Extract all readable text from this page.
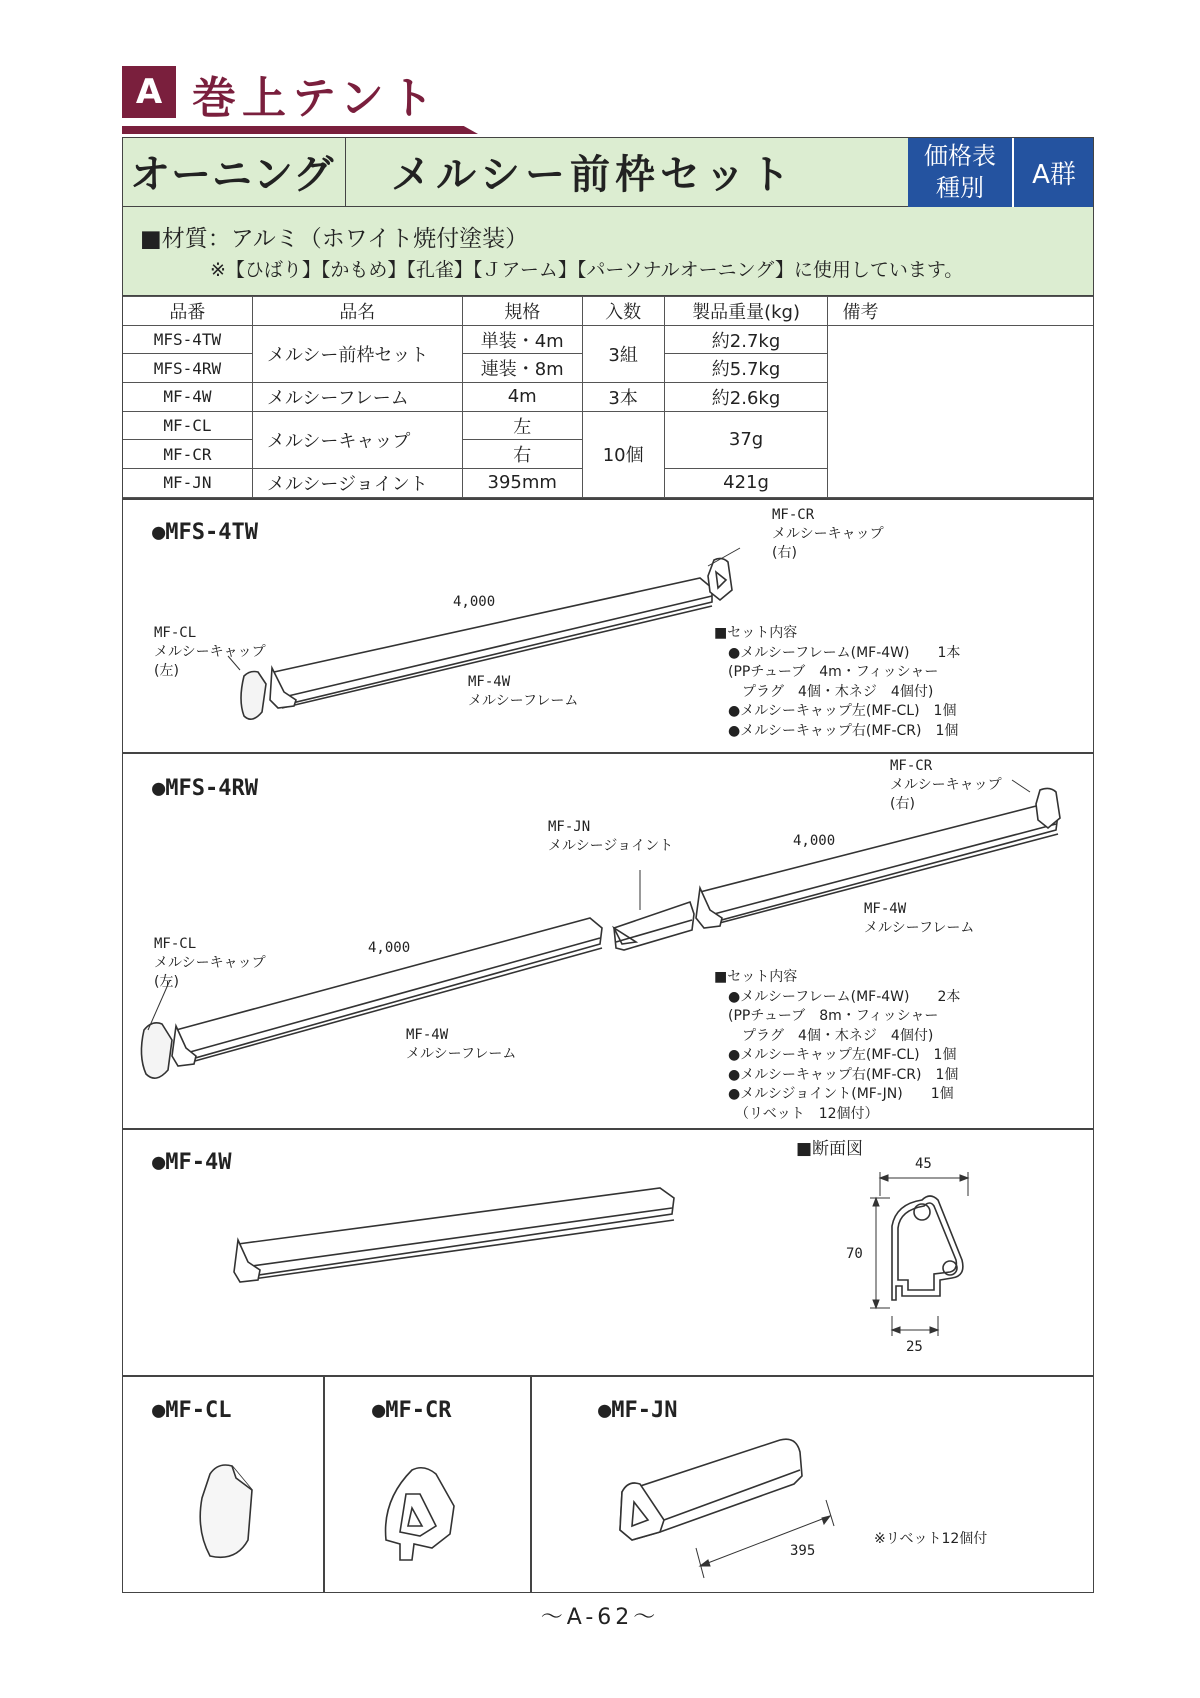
A 巻上テント
オーニング	メルシー前枠セット	価格表
種別	A群
■材質：アルミ（ホワイト焼付塗装）
※【ひばり】【かもめ】【孔雀】【Ｊアーム】【パーソナルオーニング】に使用しています。
品番	品名	規格	入数	製品重量(kg)	備考
MFS-4TW	メルシー前枠セット	単装・4m	3組	約2.7kg	
MFS-4RW		連装・8m		約5.7kg	
MF-4W	メルシーフレーム	4m	3本	約2.6kg	
MF-CL	メルシーキャップ	左	10個	37g	
MF-CR		右			
MF-JN	メルシージョイント	395mm		421g	
●MFS-4TW
4,000
MF-CR
メルシーキャップ
(右)
MF-CL
メルシーキャップ
(左)
MF-4W
メルシーフレーム
■セット内容
　●メルシーフレーム(MF-4W)　　1本
　(PPチューブ　4m・フィッシャー
　　プラグ　4個・木ネジ　4個付)
　●メルシーキャップ左(MF-CL)　1個
　●メルシーキャップ右(MF-CR)　1個
●MFS-4RW
4,000
4,000
MF-CR
メルシーキャップ
(右)
MF-JN
メルシージョイント
MF-CL
メルシーキャップ
(左)
MF-4W
メルシーフレーム
MF-4W
メルシーフレーム
■セット内容
　●メルシーフレーム(MF-4W)　　2本
　(PPチューブ　8m・フィッシャー
　　プラグ　4個・木ネジ　4個付)
　●メルシーキャップ左(MF-CL)　1個
　●メルシーキャップ右(MF-CR)　1個
　●メルシジョイント(MF-JN)　　1個
　　（リベット　12個付）
●MF-4W
■断面図
45
70
25
●MF-CL	●MF-CR	●MF-JN
395
※リベット12個付
～A-62～
